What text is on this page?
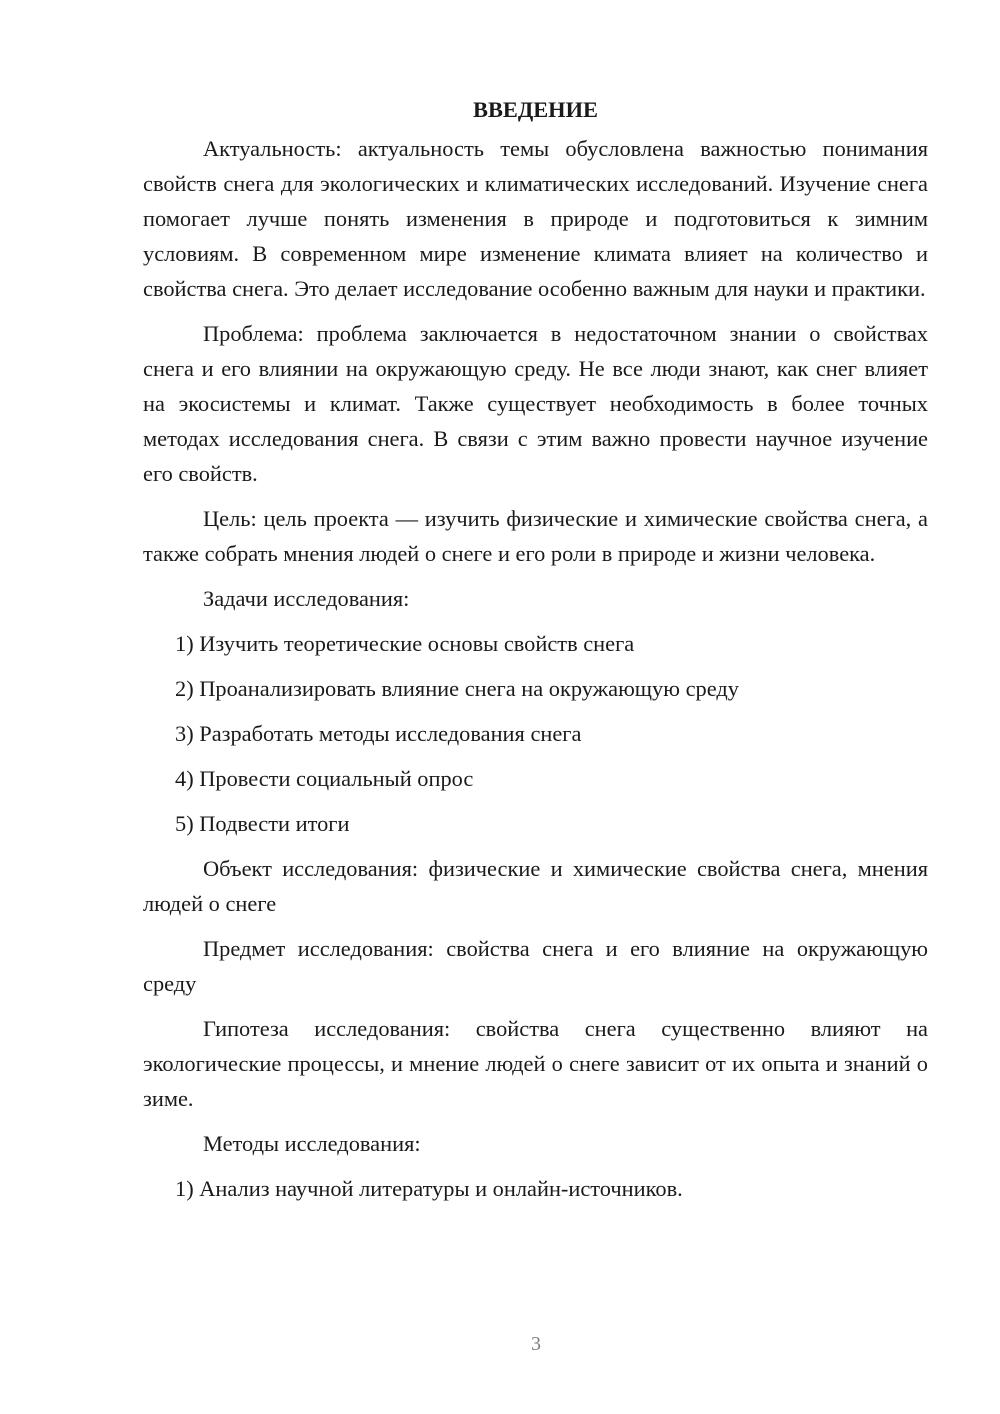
ВВЕДЕНИЕ

Актуальность: актуальность темы обусловлена важностью понимания свойств снега для экологических и климатических исследований. Изучение снега помогает лучше понять изменения в природе и подготовиться к зимним условиям. В современном мире изменение климата влияет на количество и свойства снега. Это делает исследование особенно важным для науки и практики.

Проблема: проблема заключается в недостаточном знании о свойствах снега и его влиянии на окружающую среду. Не все люди знают, как снег влияет на экосистемы и климат. Также существует необходимость в более точных методах исследования снега. В связи с этим важно провести научное изучение его свойств.

Цель: цель проекта — изучить физические и химические свойства снега, а также собрать мнения людей о снеге и его роли в природе и жизни человека.

Задачи исследования:

1) Изучить теоретические основы свойств снега
2) Проанализировать влияние снега на окружающую среду
3) Разработать методы исследования снега
4) Провести социальный опрос
5) Подвести итоги

Объект исследования: физические и химические свойства снега, мнения людей о снеге

Предмет исследования: свойства снега и его влияние на окружающую среду

Гипотеза исследования: свойства снега существенно влияют на экологические процессы, и мнение людей о снеге зависит от их опыта и знаний о зиме.

Методы исследования:

1) Анализ научной литературы и онлайн-источников.
3
